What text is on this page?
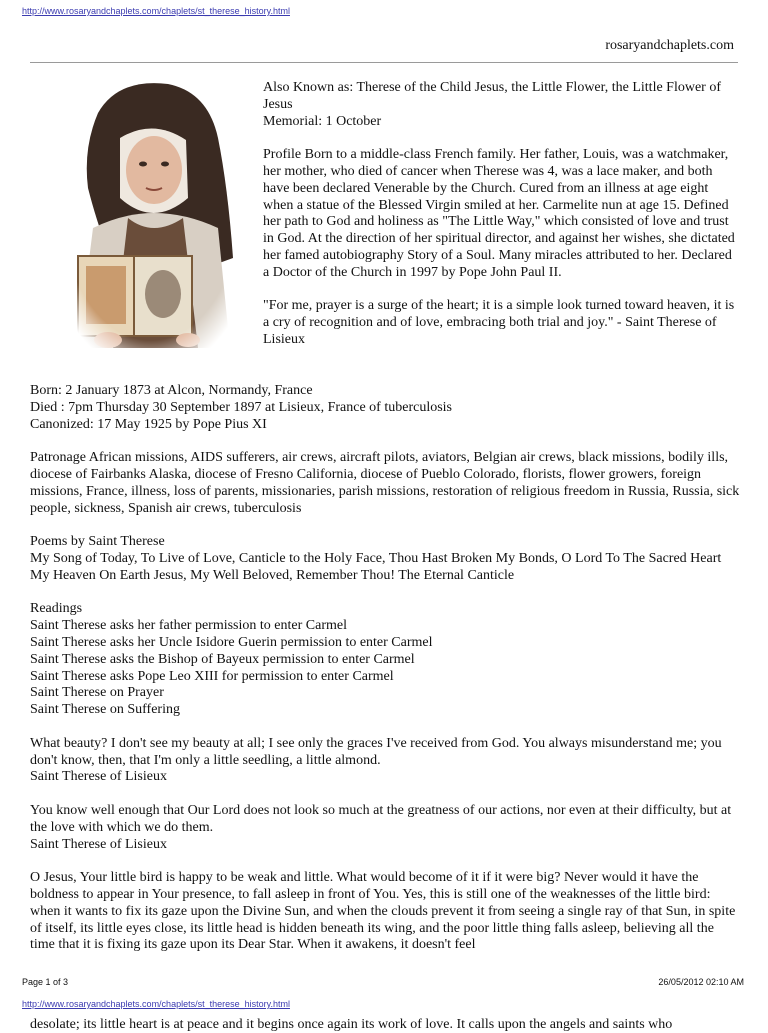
http://www.rosaryandchaplets.com/chaplets/st_therese_history.html
rosaryandchaplets.com
Also Known as: Therese of the Child Jesus, the Little Flower, the Little Flower of Jesus

Memorial: 1 October

Profile Born to a middle-class French family. Her father, Louis, was a watchmaker, her mother, who died of cancer when Therese was 4, was a lace maker, and both have been declared Venerable by the Church. Cured from an illness at age eight when a statue of the Blessed Virgin smiled at her. Carmelite nun at age 15. Defined her path to God and holiness as "The Little Way," which consisted of love and trust in God. At the direction of her spiritual director, and against her wishes, she dictated her famed autobiography Story of a Soul. Many miracles attributed to her. Declared a Doctor of the Church in 1997 by Pope John Paul II.

"For me, prayer is a surge of the heart; it is a simple look turned toward heaven, it is a cry of recognition and of love, embracing both trial and joy." - Saint Therese of Lisieux

Born: 2 January 1873 at Alcon, Normandy, France
Died : 7pm Thursday 30 September 1897 at Lisieux, France of tuberculosis
Canonized: 17 May 1925 by Pope Pius XI

Patronage African missions, AIDS sufferers, air crews, aircraft pilots, aviators, Belgian air crews, black missions, bodily ills, diocese of Fairbanks Alaska, diocese of Fresno California, diocese of Pueblo Colorado, florists, flower growers, foreign missions, France, illness, loss of parents, missionaries, parish missions, restoration of religious freedom in Russia, Russia, sick people, sickness, Spanish air crews, tuberculosis

Poems by Saint Therese
My Song of Today, To Live of Love, Canticle to the Holy Face, Thou Hast Broken My Bonds, O Lord To The Sacred Heart My Heaven On Earth Jesus, My Well Beloved, Remember Thou! The Eternal Canticle

Readings
Saint Therese asks her father permission to enter Carmel
Saint Therese asks her Uncle Isidore Guerin permission to enter Carmel
Saint Therese asks the Bishop of Bayeux permission to enter Carmel
Saint Therese asks Pope Leo XIII for permission to enter Carmel
Saint Therese on Prayer
Saint Therese on Suffering

What beauty? I don't see my beauty at all; I see only the graces I've received from God. You always misunderstand me; you don't know, then, that I'm only a little seedling, a little almond.
Saint Therese of Lisieux

You know well enough that Our Lord does not look so much at the greatness of our actions, nor even at their difficulty, but at the love with which we do them.
Saint Therese of Lisieux

O Jesus, Your little bird is happy to be weak and little. What would become of it if it were big? Never would it have the boldness to appear in Your presence, to fall asleep in front of You. Yes, this is still one of the weaknesses of the little bird: when it wants to fix its gaze upon the Divine Sun, and when the clouds prevent it from seeing a single ray of that Sun, in spite of itself, its little eyes close, its little head is hidden beneath its wing, and the poor little thing falls asleep, believing all the time that it is fixing its gaze upon its Dear Star. When it awakens, it doesn't feel

Page 1 of 3	26/05/2012 02:10 AM
http://www.rosaryandchaplets.com/chaplets/st_therese_history.html
desolate; its little heart is at peace and it begins once again its work of love. It calls upon the angels and saints who
